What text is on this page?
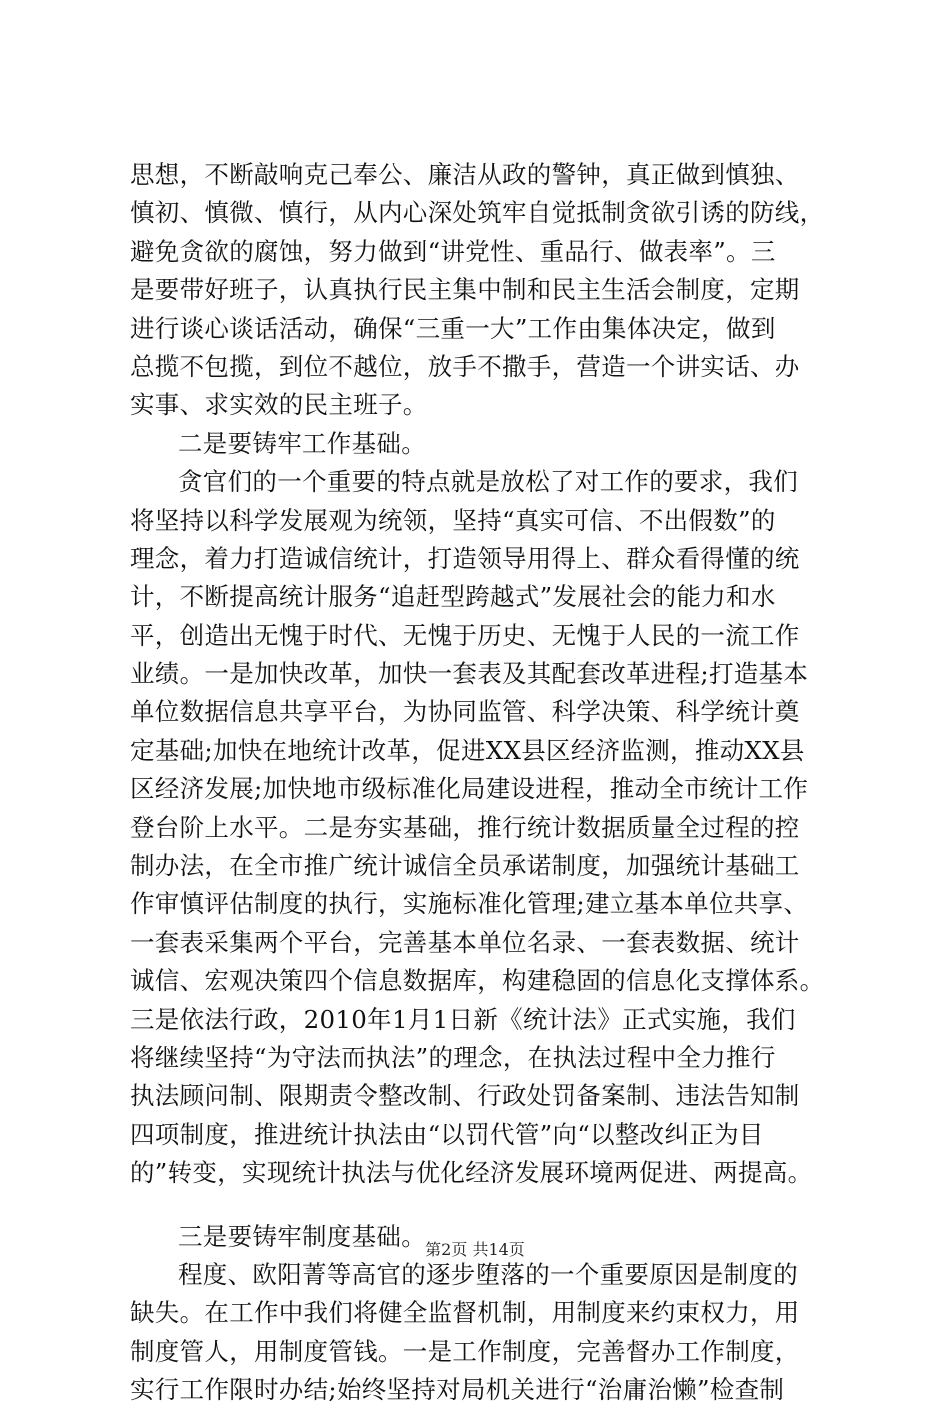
思想，不断敲响克己奉公、廉洁从政的警钟，真正做到慎独、
慎初、慎微、慎行，从内心深处筑牢自觉抵制贪欲引诱的防线，
避免贪欲的腐蚀，努力做到“讲党性、重品行、做表率”。三
是要带好班子，认真执行民主集中制和民主生活会制度，定期
进行谈心谈话活动，确保“三重一大”工作由集体决定，做到
总揽不包揽，到位不越位，放手不撒手，营造一个讲实话、办
实事、求实效的民主班子。
二是要铸牢工作基础。
贪官们的一个重要的特点就是放松了对工作的要求，我们
将坚持以科学发展观为统领，坚持“真实可信、不出假数”的
理念，着力打造诚信统计，打造领导用得上、群众看得懂的统
计，不断提高统计服务“追赶型跨越式”发展社会的能力和水
平，创造出无愧于时代、无愧于历史、无愧于人民的一流工作
业绩。一是加快改革，加快一套表及其配套改革进程;打造基本
单位数据信息共享平台，为协同监管、科学决策、科学统计奠
定基础;加快在地统计改革，促进XX县区经济监测，推动XX县
区经济发展;加快地市级标准化局建设进程，推动全市统计工作
登台阶上水平。二是夯实基础，推行统计数据质量全过程的控
制办法，在全市推广统计诚信全员承诺制度，加强统计基础工
作审慎评估制度的执行，实施标准化管理;建立基本单位共享、
一套表采集两个平台，完善基本单位名录、一套表数据、统计
诚信、宏观决策四个信息数据库，构建稳固的信息化支撑体系。
三是依法行政，2010年1月1日新《统计法》正式实施，我们
将继续坚持“为守法而执法”的理念，在执法过程中全力推行
执法顾问制、限期责令整改制、行政处罚备案制、违法告知制
四项制度，推进统计执法由“以罚代管”向“以整改纠正为目
的”转变，实现统计执法与优化经济发展环境两促进、两提高。
三是要铸牢制度基础。
程度、欧阳菁等高官的逐步堕落的一个重要原因是制度的
缺失。在工作中我们将健全监督机制，用制度来约束权力，用
制度管人，用制度管钱。一是工作制度，完善督办工作制度，
实行工作限时办结;始终坚持对局机关进行“治庸治懒”检查制
第2页 共14页
